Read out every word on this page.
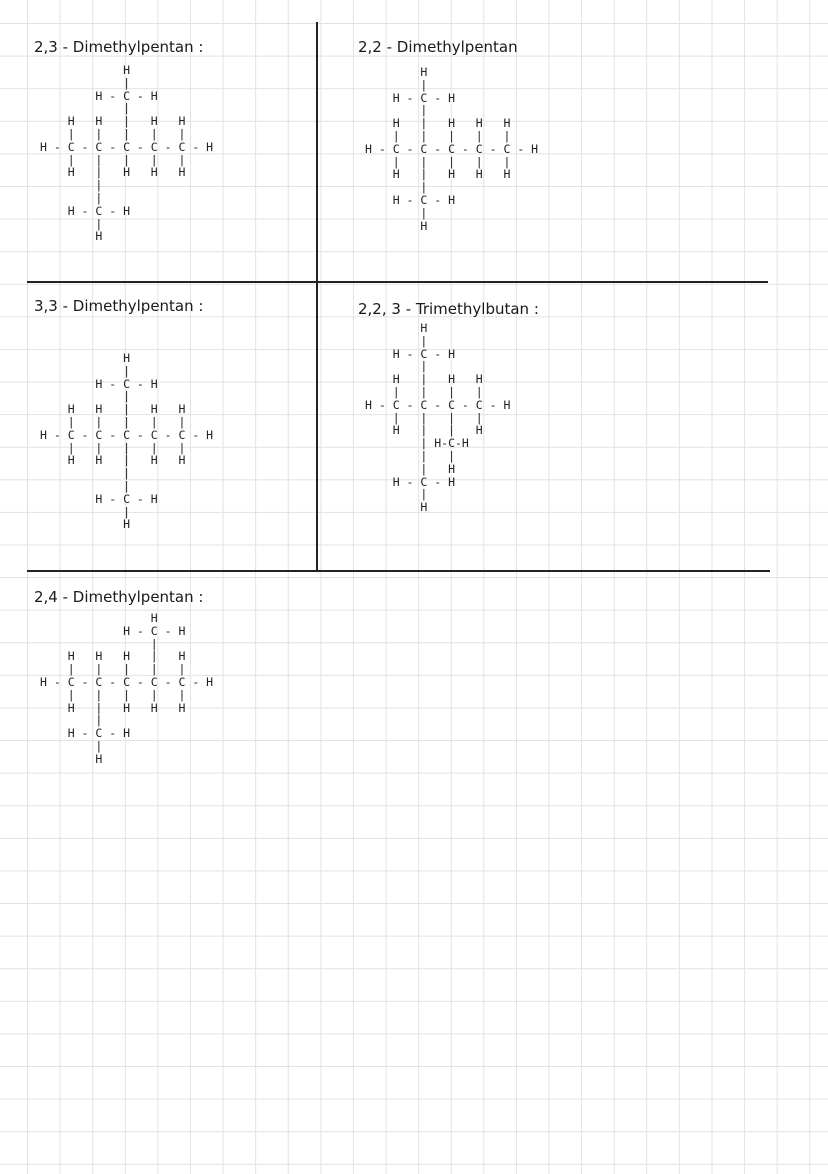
2,3 - Dimethylpentan :
H
|
H - C - H
|
H   H   |   H   H
|   |   |   |   |
H - C - C - C - C - C - H
|   |   |   |   |
H   |   H   H   H
|
|
H - C - H
|
H
2,2 - Dimethylpentan
H
|
H - C - H
|
H   |   H   H   H
|   |   |   |   |
H - C - C - C - C - C - H
|   |   |   |   |
H   |   H   H   H
|
H - C - H
|
H
3,3 - Dimethylpentan :
H
|
H - C - H
|
H   H   |   H   H
|   |   |   |   |
H - C - C - C - C - C - H
|   |   |   |   |
H   H   |   H   H
|
|
H - C - H
|
H
2,2, 3 - Trimethylbutan :
H
|
H - C - H
|
H   |   H   H
|   |   |   |
H - C - C - C - C - H
|   |   |   |
H   |   |   H
| H-C-H
|   |
|   H
H - C - H
|
H
2,4 - Dimethylpentan :
H
H - C - H
|
H   H   H   |   H
|   |   |   |   |
H - C - C - C - C - C - H
|   |   |   |   |
H   |   H   H   H
|
H - C - H
|
H
